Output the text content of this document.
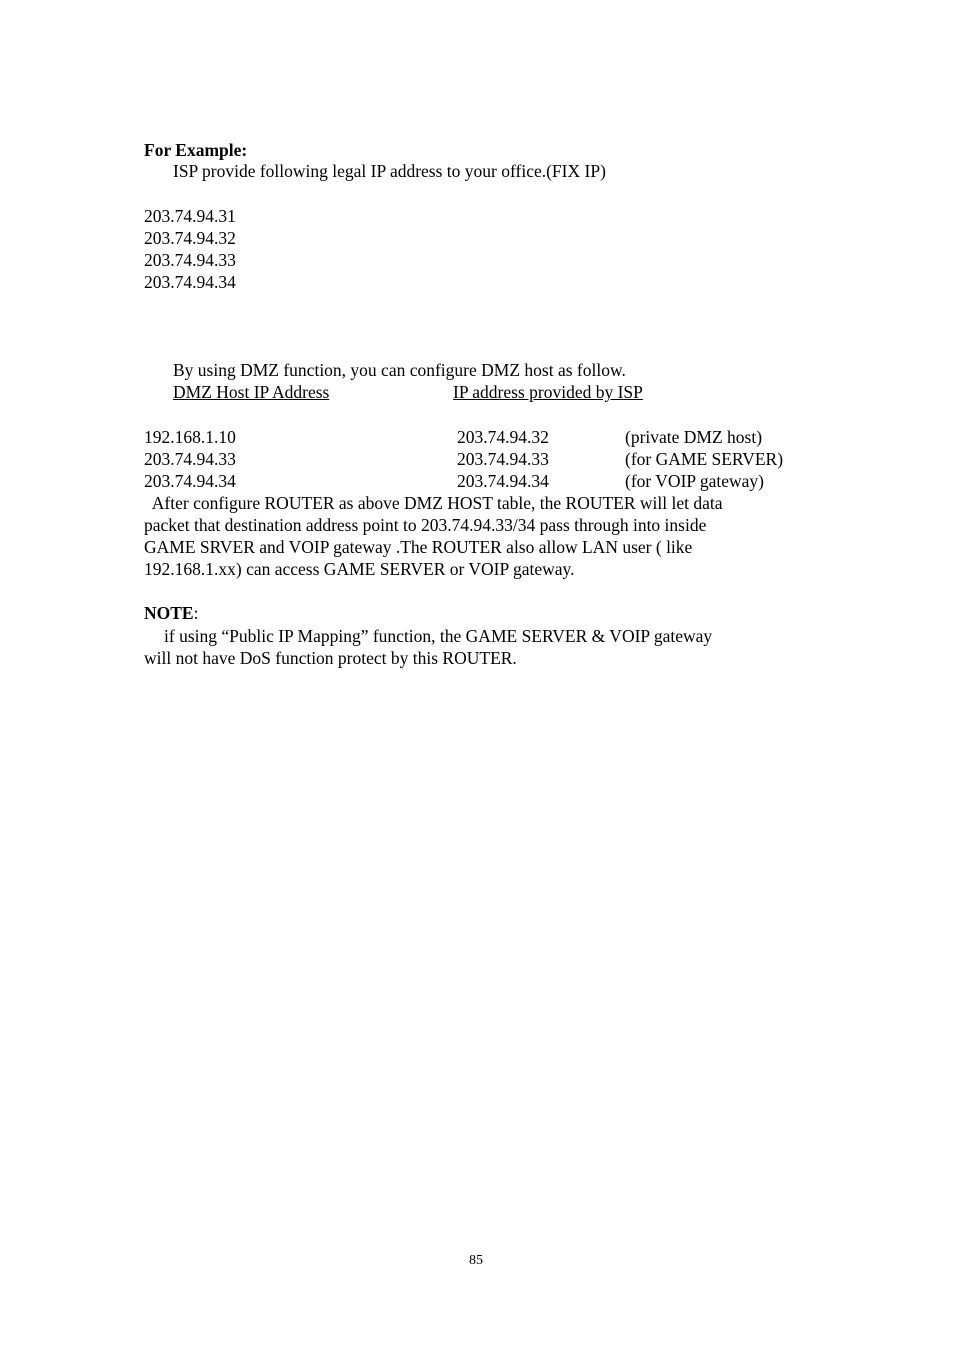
For Example:
ISP provide following legal IP address to your office.(FIX IP)
203.74.94.31
203.74.94.32
203.74.94.33
203.74.94.34
By using DMZ function, you can configure DMZ host as follow.
DMZ Host IP Address	IP address provided by ISP
192.168.1.10	203.74.94.32	(private DMZ host)
203.74.94.33	203.74.94.33	(for GAME SERVER)
203.74.94.34	203.74.94.34	(for VOIP gateway)
After configure ROUTER as above DMZ HOST table, the ROUTER will let data
packet that destination address point to 203.74.94.33/34 pass through into inside
GAME SRVER and VOIP gateway .The ROUTER also allow LAN user ( like
192.168.1.xx) can access GAME SERVER or VOIP gateway.
NOTE:
if using “Public IP Mapping” function, the GAME SERVER & VOIP gateway
will not have DoS function protect by this ROUTER.
85
